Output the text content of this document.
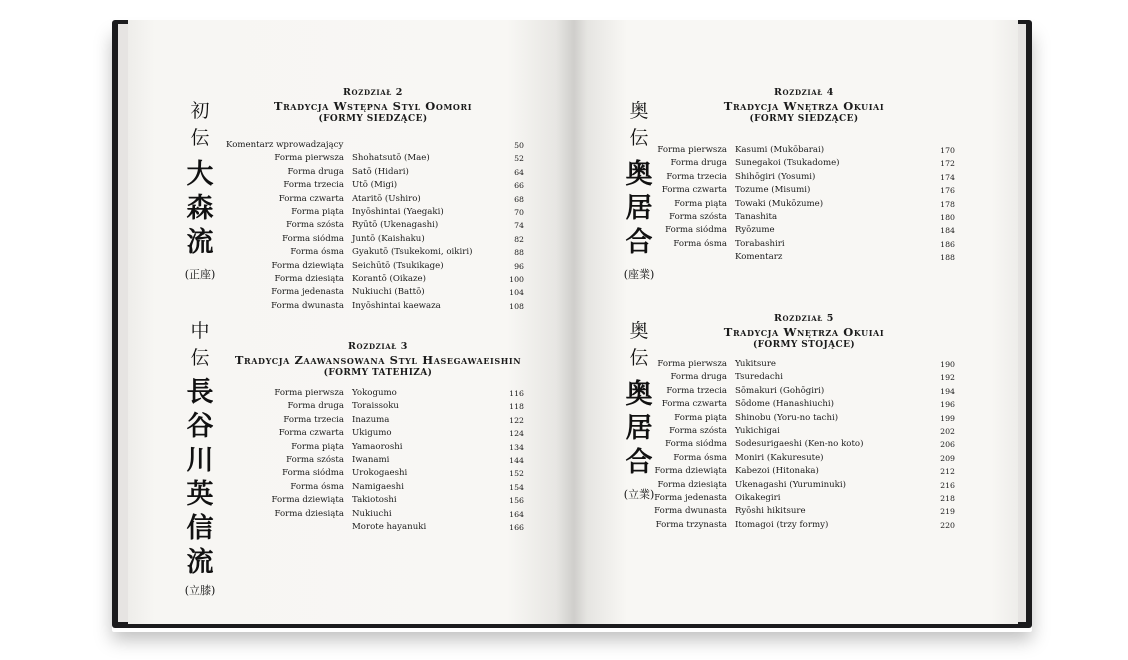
初
伝
大
森
流
(正座)
中
伝
長
谷
川
英
信
流
(立膝)
Rozdział 2
Tradycja Wstępna Styl Oomori
(FORMY SIEDZĄCE)
Komentarz wprowadzający	50
Forma pierwsza Shohatsutō (Mae)	52
Forma druga Satō (Hidari)	64
Forma trzecia Utō (Migi)	66
Forma czwarta Ataritō (Ushiro)	68
Forma piąta Inyōshintai (Yaegaki)	70
Forma szósta Ryūtō (Ukenagashi)	74
Forma siódma Juntō (Kaishaku)	82
Forma ósma Gyakutō (Tsukekomi, oikiri)	88
Forma dziewiąta Seichūtō (Tsukikage)	96
Forma dziesiąta Korantō (Oikaze)	100
Forma jedenasta Nukiuchi (Battō)	104
Forma dwunasta Inyōshintai kaewaza	108
Rozdział 3
Tradycja Zaawansowana Styl Hasegawaeishin
(FORMY TATEHIZA)
Forma pierwsza Yokogumo	116
Forma druga Toraissoku	118
Forma trzecia Inazuma	122
Forma czwarta Ukigumo	124
Forma piąta Yamaoroshi	134
Forma szósta Iwanami	144
Forma siódma Urokogaeshi	152
Forma ósma Namigaeshi	154
Forma dziewiąta Takiotoshi	156
Forma dziesiąta Nukiuchi	164
Morote hayanuki	166
奥
伝
奥
居
合
(座業)
奥
伝
奥
居
合
(立業)
Rozdział 4
Tradycja Wnętrza Okuiai
(FORMY SIEDZĄCE)
Forma pierwsza Kasumi (Mukōbarai)	170
Forma druga Sunegakoi (Tsukadome)	172
Forma trzecia Shihōgiri (Yosumi)	174
Forma czwarta Tozume (Misumi)	176
Forma piąta Towaki (Mukōzume)	178
Forma szósta Tanashita	180
Forma siódma Ryōzume	184
Forma ósma Torabashiri	186
Komentarz	188
Rozdział 5
Tradycja Wnętrza Okuiai
(FORMY STOJĄCE)
Forma pierwsza Yukitsure	190
Forma druga Tsuredachi	192
Forma trzecia Sōmakuri (Gohōgiri)	194
Forma czwarta Sōdome (Hanashiuchi)	196
Forma piąta Shinobu (Yoru-no tachi)	199
Forma szósta Yukichigai	202
Forma siódma Sodesurigaeshi (Ken-no koto)	206
Forma ósma Moniri (Kakuresute)	209
Forma dziewiąta Kabezoi (Hitonaka)	212
Forma dziesiąta Ukenagashi (Yuruminuki)	216
Forma jedenasta Oikakegiri	218
Forma dwunasta Ryōshi hikitsure	219
Forma trzynasta Itomagoi (trzy formy)	220
